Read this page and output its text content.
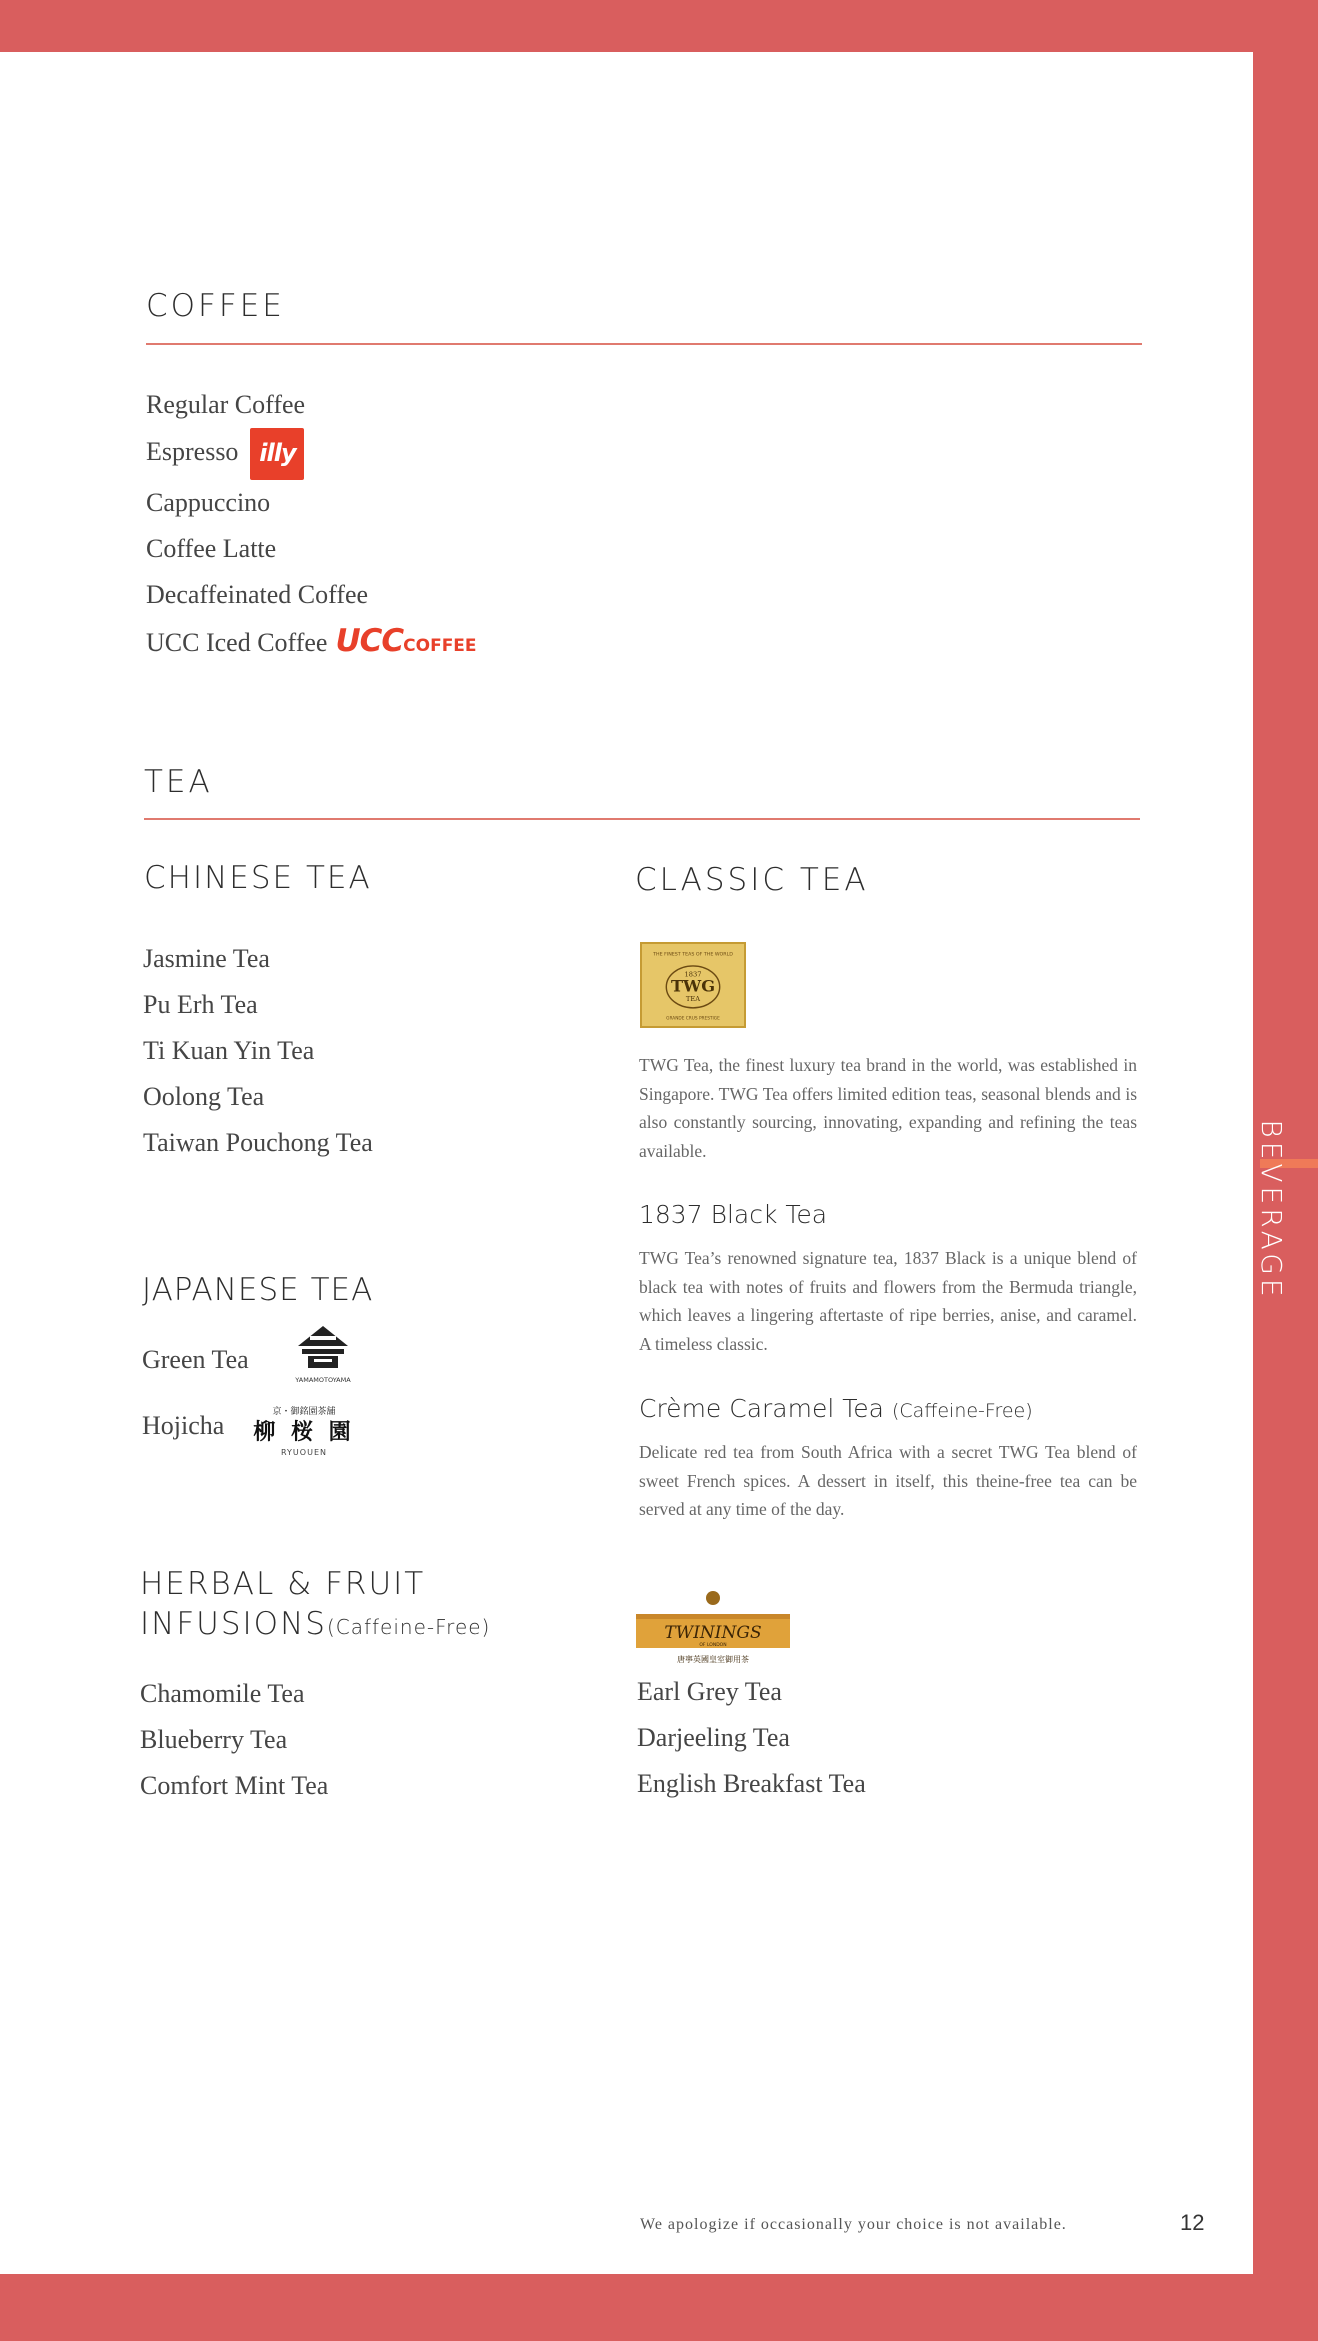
COFFEE
Regular Coffee
Espresso illy
Cappuccino
Coffee Latte
Decaffeinated Coffee
UCC Iced Coffee UCCCOFFEE
TEA
CHINESE TEA
Jasmine Tea
Pu Erh Tea
Ti Kuan Yin Tea
Oolong Tea
Taiwan Pouchong Tea
JAPANESE TEA
Green Tea
YAMAMOTOYAMA
Hojicha	京・御銘園茶舗
柳 桜 園
RYUOUEN
HERBAL & FRUIT
INFUSIONS(Caffeine-Free)
Chamomile Tea
Blueberry Tea
Comfort Mint Tea
CLASSIC TEA
THE FINEST TEAS OF THE WORLD
1837
TWG
TEA
GRANDE CRUS PRESTIGE

TWG Tea, the finest luxury tea brand in the world, was established in Singapore. TWG Tea offers limited edition teas, seasonal blends and is also constantly sourcing, innovating, expanding and refining the teas available.

1837 Black Tea

TWG Tea’s renowned signature tea, 1837 Black is a unique blend of black tea with notes of fruits and flowers from the Bermuda triangle, which leaves a lingering aftertaste of ripe berries, anise, and caramel. A timeless classic.

Crème Caramel Tea (Caffeine-Free)

Delicate red tea from South Africa with a secret TWG Tea blend of sweet French spices. A dessert in itself, this theine-free tea can be served at any time of the day.

TWININGS
OF LONDON
唐寧英國皇室御用茶
Earl Grey Tea
Darjeeling Tea
English Breakfast Tea
We apologize if occasionally your choice is not available.	12
BEVERAGE
